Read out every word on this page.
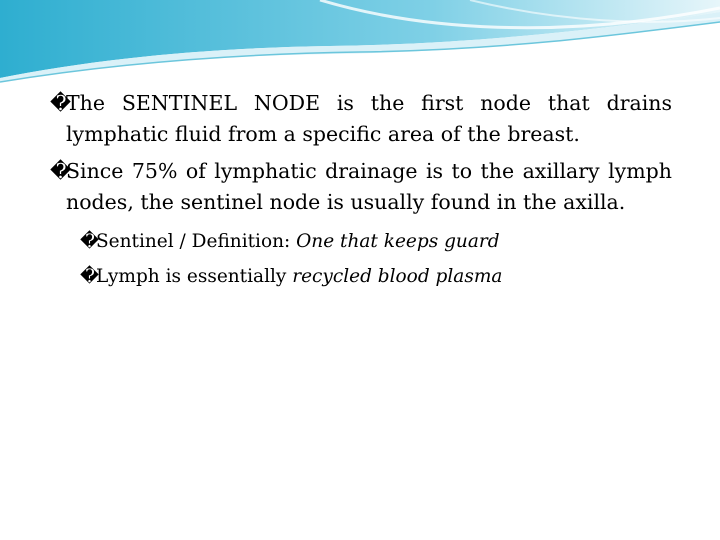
�
The SENTINEL NODE is the first node that drains lymphatic fluid from a specific area of the breast.

�
Since 75% of lymphatic drainage is to the axillary lymph nodes, the sentinel node is usually found in the axilla.

�
Sentinel / Definition: One that keeps guard
�
Lymph is essentially recycled blood plasma
